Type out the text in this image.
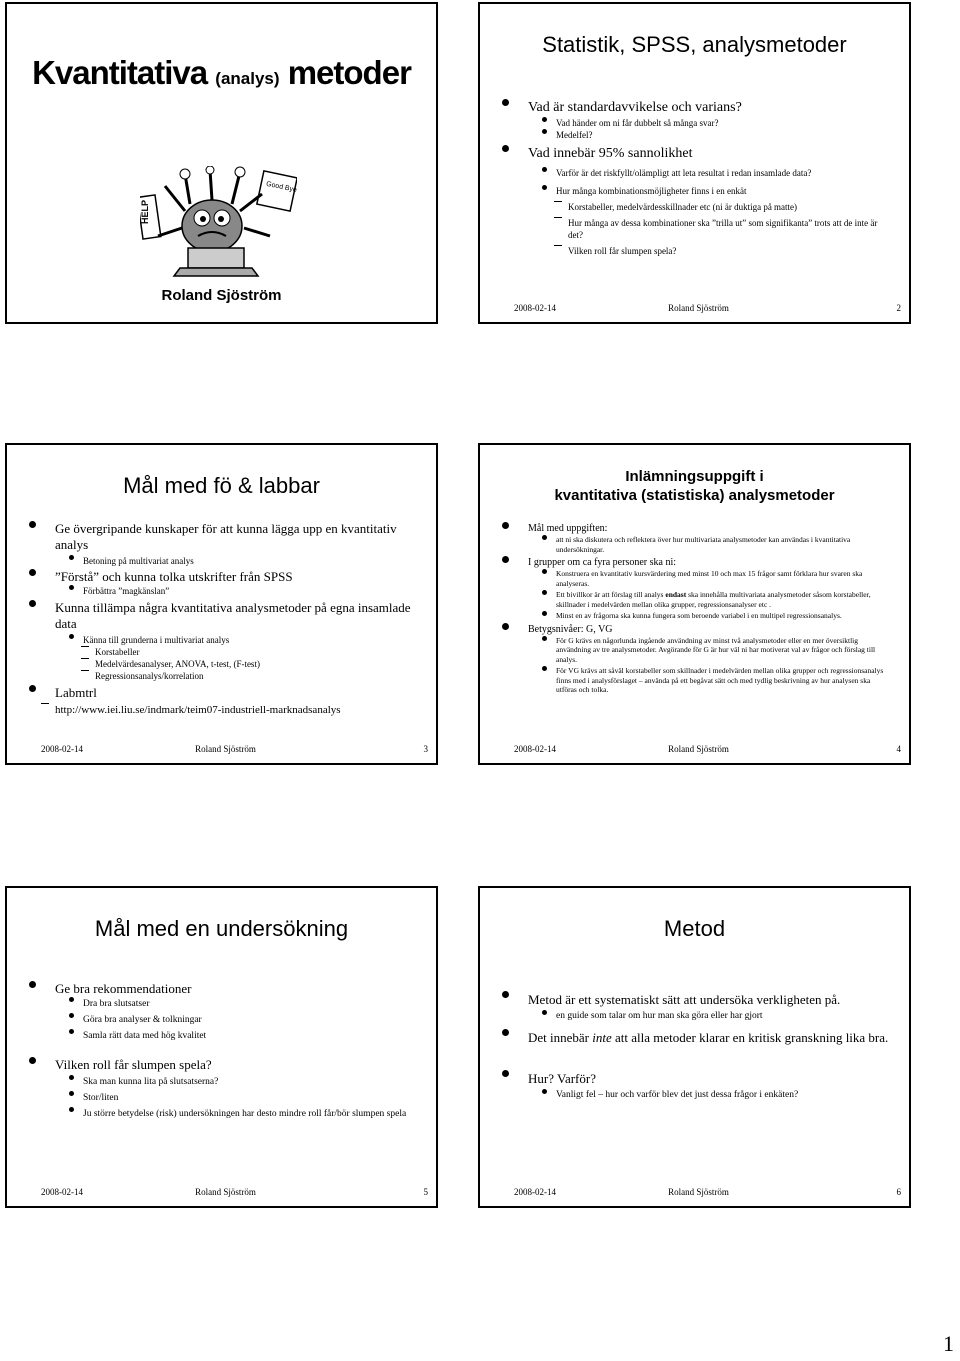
Kvantitativa (analys) metoder
HELP
Good Bye
Roland Sjöström
Statistik, SPSS, analysmetoder
Vad är standardavvikelse och varians?
Vad händer om ni får dubbelt så många svar?
Medelfel?
Vad innebär 95% sannolikhet
Varför är det riskfyllt/olämpligt att leta resultat i redan insamlade data?
Hur många kombinationsmöjligheter finns i en enkät
Korstabeller, medelvärdesskillnader etc (ni är duktiga på matte)
Hur många av dessa kombinationer ska ”trilla ut” som signifikanta” trots att de inte är det?
Vilken roll får slumpen spela?
2008-02-14	Roland Sjöström	2
Mål med fö & labbar
Ge övergripande kunskaper för att kunna lägga upp en kvantitativ analys
Betoning på multivariat analys
”Förstå” och kunna tolka utskrifter från SPSS
Förbättra ”magkänslan”
Kunna tillämpa några kvantitativa analysmetoder på egna insamlade data
Känna till grunderna i multivariat analys
Korstabeller
Medelvärdesanalyser, ANOVA, t-test, (F-test)
Regressionsanalys/korrelation
Labmtrl
http://www.iei.liu.se/indmark/teim07-industriell-marknadsanalys
2008-02-14	Roland Sjöström	3
Inlämningsuppgift i
kvantitativa (statistiska) analysmetoder
Mål med uppgiften:
att ni ska diskutera och reflektera över hur multivariata analysmetoder kan användas i kvantitativa undersökningar.
I grupper om ca fyra personer ska ni:
Konstruera en kvantitativ kursvärdering med minst 10 och max 15 frågor samt förklara hur svaren ska analyseras.
Ett bivillkor är att förslag till analys endast ska innehålla multivariata analysmetoder såsom korstabeller, skillnader i medelvärden mellan olika grupper, regressionsanalyser etc .
Minst en av frågorna ska kunna fungera som beroende variabel i en multipel regressionsanalys.
Betygsnivåer: G, VG
För G krävs en någorlunda ingående användning av minst två analysmetoder eller en mer översiktlig användning av tre analysmetoder. Avgörande för G är hur väl ni har motiverat val av frågor och förslag till analys.
För VG krävs att såväl korstabeller som skillnader i medelvärden mellan olika grupper och regressionsanalys finns med i analysförslaget – använda på ett begåvat sätt och med tydlig beskrivning av hur analysen ska utföras och tolka.
2008-02-14	Roland Sjöström	4
Mål med en undersökning
Ge bra rekommendationer
Dra bra slutsatser
Göra bra analyser & tolkningar
Samla rätt data med hög kvalitet
Vilken roll får slumpen spela?
Ska man kunna lita på slutsatserna?
Stor/liten
Ju större betydelse (risk) undersökningen har desto mindre roll får/bör slumpen spela
2008-02-14	Roland Sjöström	5
Metod
Metod är ett systematiskt sätt att undersöka verkligheten på.
en guide som talar om hur man ska göra eller har gjort
Det innebär inte att alla metoder klarar en kritisk granskning lika bra.
Hur? Varför?
Vanligt fel – hur och varför blev det just dessa frågor i enkäten?
2008-02-14	Roland Sjöström	6
1
